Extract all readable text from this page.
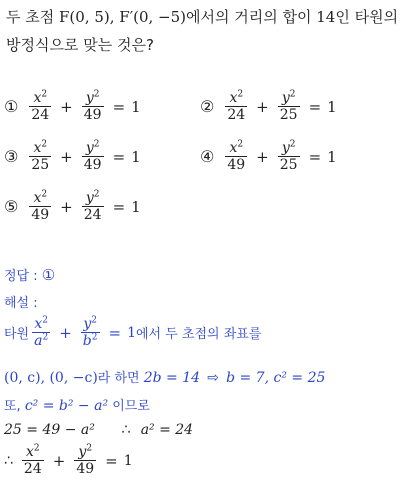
두 초점 F(0, 5), F′(0, −5)에서의 거리의 합이 14인 타원의
방정식으로 맞는 것은?
① $\frac{x^2}{24} + \frac{y^2}{49} = 1$	② $\frac{x^2}{24} + \frac{y^2}{25} = 1$
③ $\frac{x^2}{25} + \frac{y^2}{49} = 1$	④ $\frac{x^2}{49} + \frac{y^2}{25} = 1$
⑤ $\frac{x^2}{49} + \frac{y^2}{24} = 1$
정답 : ①
해설 :
타원 $\frac{x^2}{a^2} + \frac{y^2}{b^2} = 1$ 에서 두 초점의 좌표를
(0, c), (0, −c)라 하면 2b = 14 ⇨ b = 7, c² = 25
또, c² = b² − a² 이므로
25 = 49 − a² ∴ a² = 24
∴ $\frac{x^2}{24} + \frac{y^2}{49} = 1$
